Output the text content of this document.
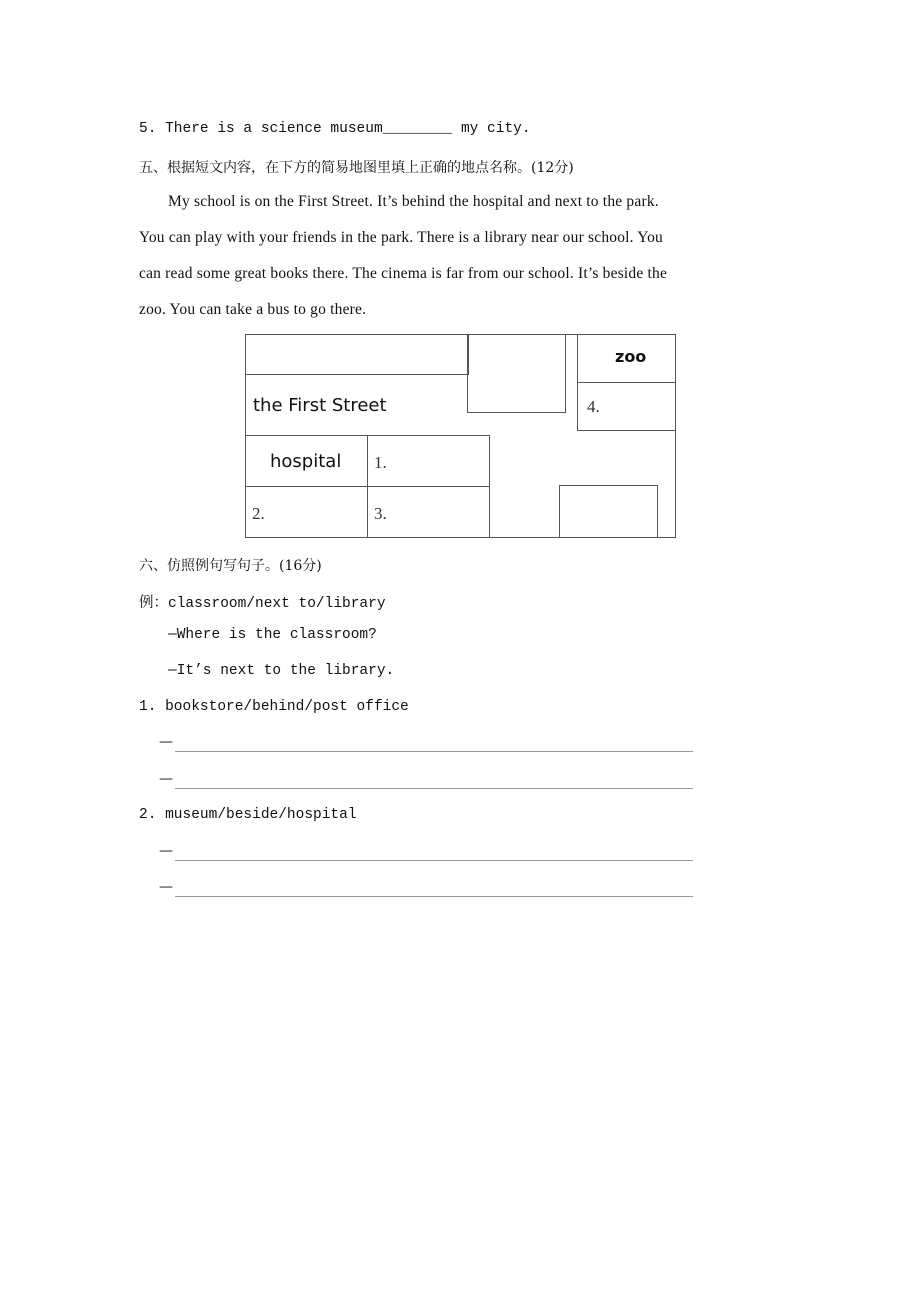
5. There is a science museum________ my city.
五、根据短文内容，在下方的简易地图里填上正确的地点名称。(12分)
My school is on the First Street. It’s behind the hospital and next to the park.
You can play with your friends in the park. There is a library near our school. You
can read some great books there. The cinema is far from our school. It’s beside the
zoo. You can take a bus to go there.
the First Street
zoo
4.
hospital 1.
2.	3.
六、仿照例句写句子。(16分)
例：classroom/next to/library
—Where is the classroom?
—It’s next to the library.
1. bookstore/behind/post office
—
—
2. museum/beside/hospital
—
—
